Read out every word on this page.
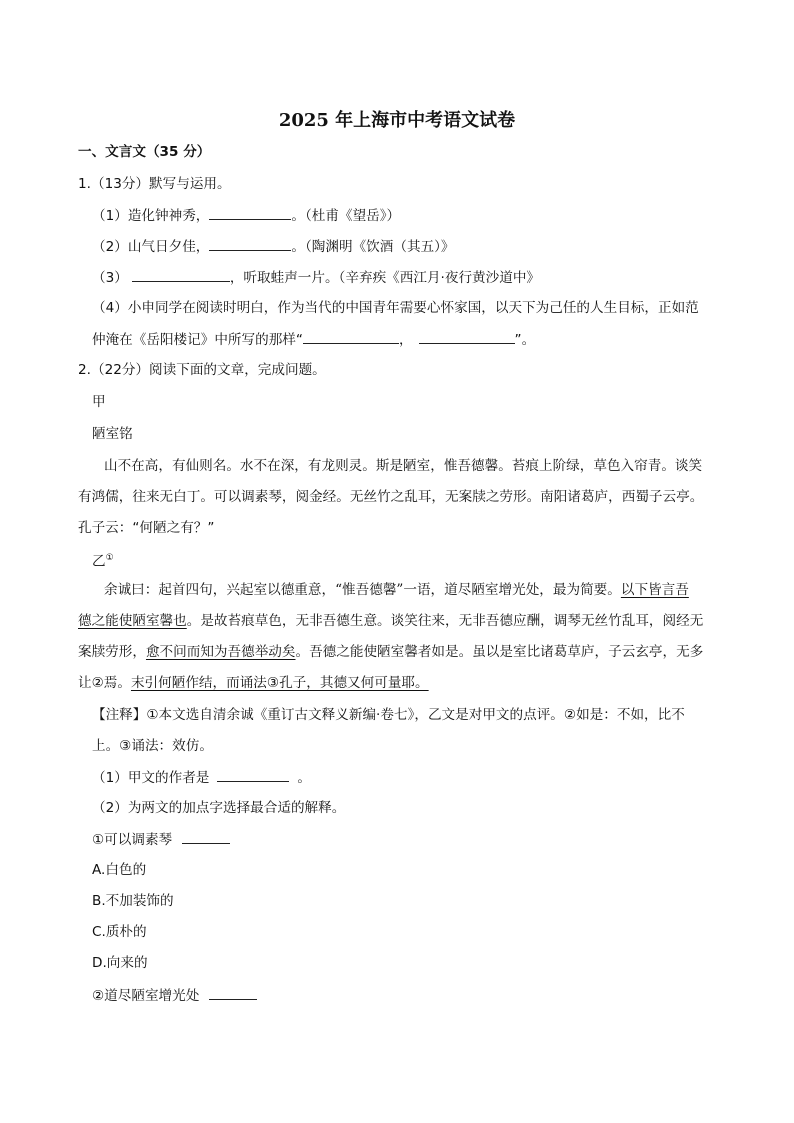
2025 年上海市中考语文试卷
一、文言文（35 分）
1.（13分）默写与运用。
（1）造化钟神秀，	。（杜甫《望岳》）
（2）山气日夕佳，	。（陶渊明《饮酒（其五）》
（3）	，听取蛙声一片。（辛弃疾《西江月·夜行黄沙道中》
（4）小申同学在阅读时明白，作为当代的中国青年需要心怀家国，以天下为己任的人生目标，正如范
仲淹在《岳阳楼记》中所写的那样“	，	”。
2.（22分）阅读下面的文章，完成问题。
甲
陋室铭
山不在高，有仙则名。水不在深，有龙则灵。斯是陋室，惟吾德馨。苔痕上阶绿，草色入帘青。谈笑
有鸿儒，往来无白丁。可以调素琴，阅金经。无丝竹之乱耳，无案牍之劳形。南阳诸葛庐，西蜀子云亭。
孔子云：“何陋之有？”
乙①
余诚曰：起首四句，兴起室以德重意，“惟吾德馨”一语，道尽陋室增光处，最为简要。以下皆言吾
德之能使陋室馨也。是故苔痕草色，无非吾德生意。谈笑往来，无非吾德应酬，调琴无丝竹乱耳，阅经无
案牍劳形，愈不问而知为吾德举动矣。吾德之能使陋室馨者如是。虽以是室比诸葛草庐，子云玄亭，无多
让②焉。末引何陋作结，而诵法③孔子，其德又何可量耶。
【注释】①本文选自清余诚《重订古文释义新编·卷七》，乙文是对甲文的点评。②如是：不如，比不
上。③诵法：效仿。
（1）甲文的作者是	。
（2）为两文的加点字选择最合适的解释。
①可以调素琴
A.白色的
B.不加装饰的
C.质朴的
D.向来的
②道尽陋室增光处
